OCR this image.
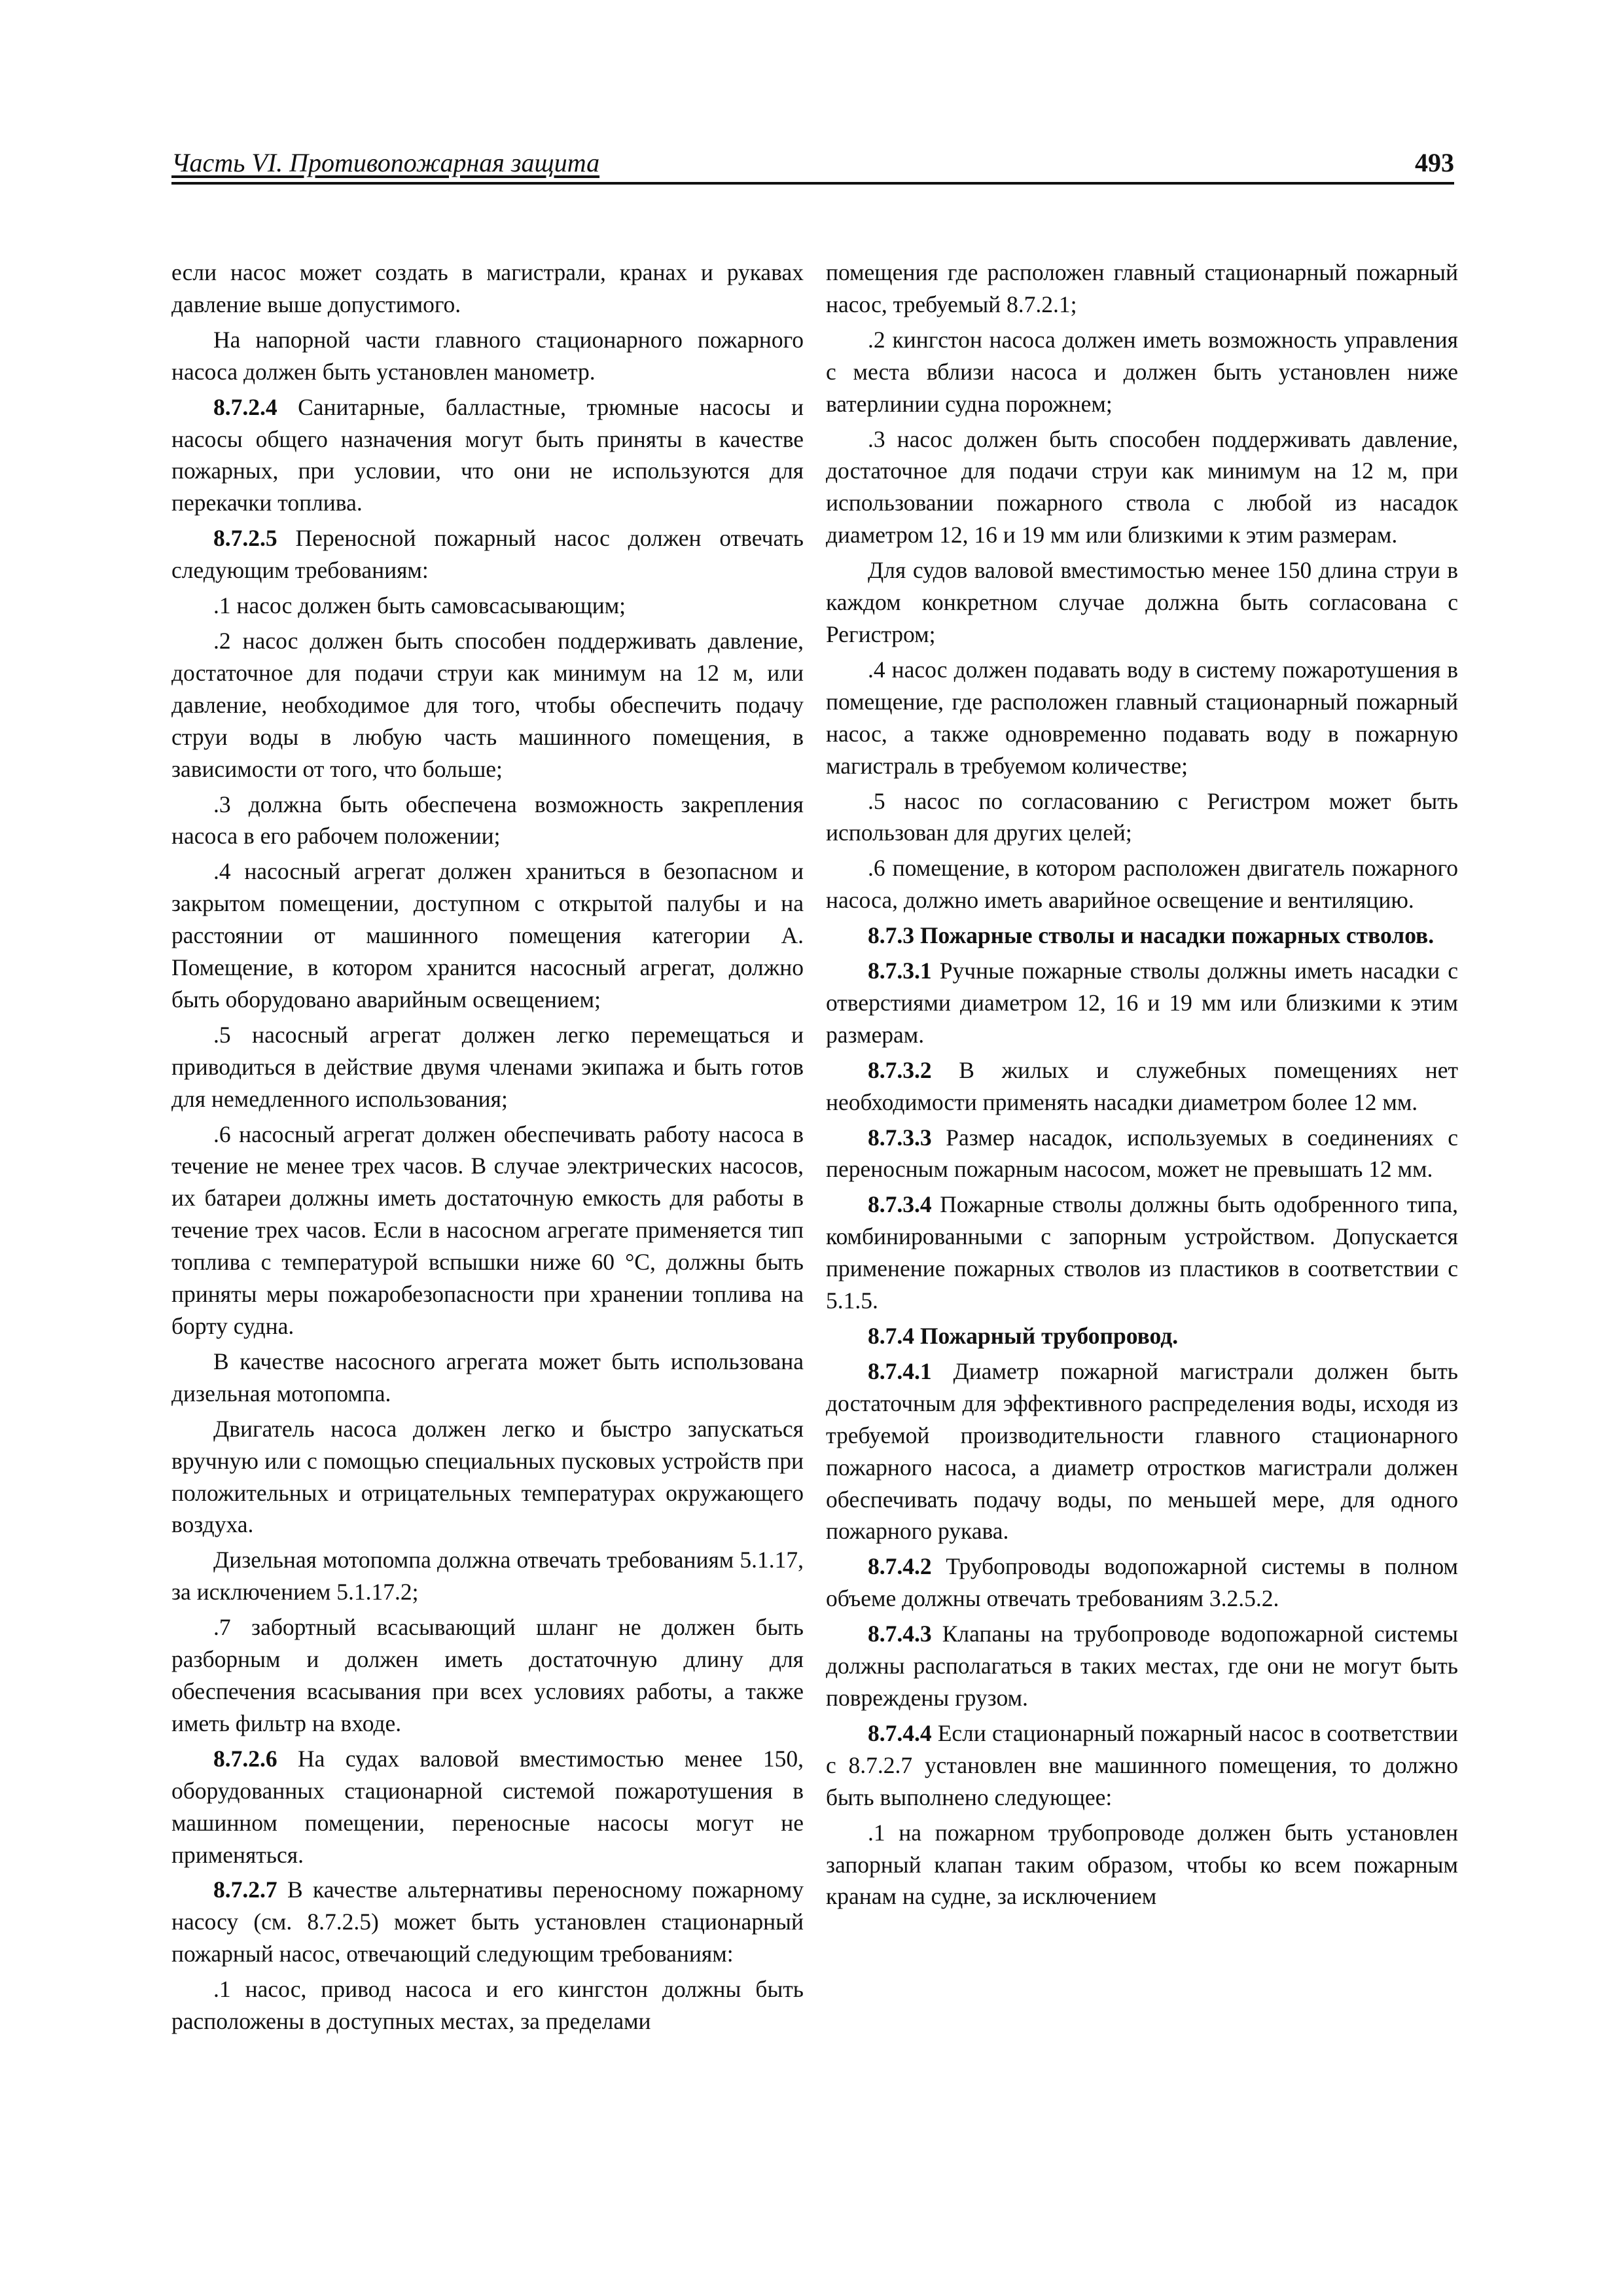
Часть VI. Противопожарная защита	493

если насос может создать в магистрали, кранах и рукавах давление выше допустимого.

На напорной части главного стационарного пожарного насоса должен быть установлен манометр.

8.7.2.4 Санитарные, балластные, трюмные насосы и насосы общего назначения могут быть приняты в качестве пожарных, при условии, что они не используются для перекачки топлива.

8.7.2.5 Переносной пожарный насос должен отвечать следующим требованиям:

.1 насос должен быть самовсасывающим;

.2 насос должен быть способен поддерживать давление, достаточное для подачи струи как минимум на 12 м, или давление, необходимое для того, чтобы обеспечить подачу струи воды в любую часть машинного помещения, в зависимости от того, что больше;

.3 должна быть обеспечена возможность закрепления насоса в его рабочем положении;

.4 насосный агрегат должен храниться в безопасном и закрытом помещении, доступном с открытой палубы и на расстоянии от машинного помещения категории А. Помещение, в котором хранится насосный агрегат, должно быть оборудовано аварийным освещением;

.5 насосный агрегат должен легко перемещаться и приводиться в действие двумя членами экипажа и быть готов для немедленного использования;

.6 насосный агрегат должен обеспечивать работу насоса в течение не менее трех часов. В случае электрических насосов, их батареи должны иметь достаточную емкость для работы в течение трех часов. Если в насосном агрегате применяется тип топлива с температурой вспышки ниже 60 °С, должны быть приняты меры пожаробезопасности при хранении топлива на борту судна.

В качестве насосного агрегата может быть использована дизельная мотопомпа.

Двигатель насоса должен легко и быстро запускаться вручную или с помощью специальных пусковых устройств при положительных и отрицательных температурах окружающего воздуха.

Дизельная мотопомпа должна отвечать требованиям 5.1.17, за исключением 5.1.17.2;

.7 забортный всасывающий шланг не должен быть разборным и должен иметь достаточную длину для обеспечения всасывания при всех условиях работы, а также иметь фильтр на входе.

8.7.2.6 На судах валовой вместимостью менее 150, оборудованных стационарной системой пожаротушения в машинном помещении, переносные насосы могут не применяться.

8.7.2.7 В качестве альтернативы переносному пожарному насосу (см. 8.7.2.5) может быть установлен стационарный пожарный насос, отвечающий следующим требованиям:

.1 насос, привод насоса и его кингстон должны быть расположены в доступных местах, за пределами

помещения где расположен главный стационарный пожарный насос, требуемый 8.7.2.1;

.2 кингстон насоса должен иметь возможность управления с места вблизи насоса и должен быть установлен ниже ватерлинии судна порожнем;

.3 насос должен быть способен поддерживать давление, достаточное для подачи струи как минимум на 12 м, при использовании пожарного ствола с любой из насадок диаметром 12, 16 и 19 мм или близкими к этим размерам.

Для судов валовой вместимостью менее 150 длина струи в каждом конкретном случае должна быть согласована с Регистром;

.4 насос должен подавать воду в систему пожаротушения в помещение, где расположен главный стационарный пожарный насос, а также одновременно подавать воду в пожарную магистраль в требуемом количестве;

.5 насос по согласованию с Регистром может быть использован для других целей;

.6 помещение, в котором расположен двигатель пожарного насоса, должно иметь аварийное освещение и вентиляцию.

8.7.3 Пожарные стволы и насадки пожарных стволов.

8.7.3.1 Ручные пожарные стволы должны иметь насадки с отверстиями диаметром 12, 16 и 19 мм или близкими к этим размерам.

8.7.3.2 В жилых и служебных помещениях нет необходимости применять насадки диаметром более 12 мм.

8.7.3.3 Размер насадок, используемых в соединениях с переносным пожарным насосом, может не превышать 12 мм.

8.7.3.4 Пожарные стволы должны быть одобренного типа, комбинированными с запорным устройством. Допускается применение пожарных стволов из пластиков в соответствии с 5.1.5.

8.7.4 Пожарный трубопровод.

8.7.4.1 Диаметр пожарной магистрали должен быть достаточным для эффективного распределения воды, исходя из требуемой производительности главного стационарного пожарного насоса, а диаметр отростков магистрали должен обеспечивать подачу воды, по меньшей мере, для одного пожарного рукава.

8.7.4.2 Трубопроводы водопожарной системы в полном объеме должны отвечать требованиям 3.2.5.2.

8.7.4.3 Клапаны на трубопроводе водопожарной системы должны располагаться в таких местах, где они не могут быть повреждены грузом.

8.7.4.4 Если стационарный пожарный насос в соответствии с 8.7.2.7 установлен вне машинного помещения, то должно быть выполнено следующее:

.1 на пожарном трубопроводе должен быть установлен запорный клапан таким образом, чтобы ко всем пожарным кранам на судне, за исключением
